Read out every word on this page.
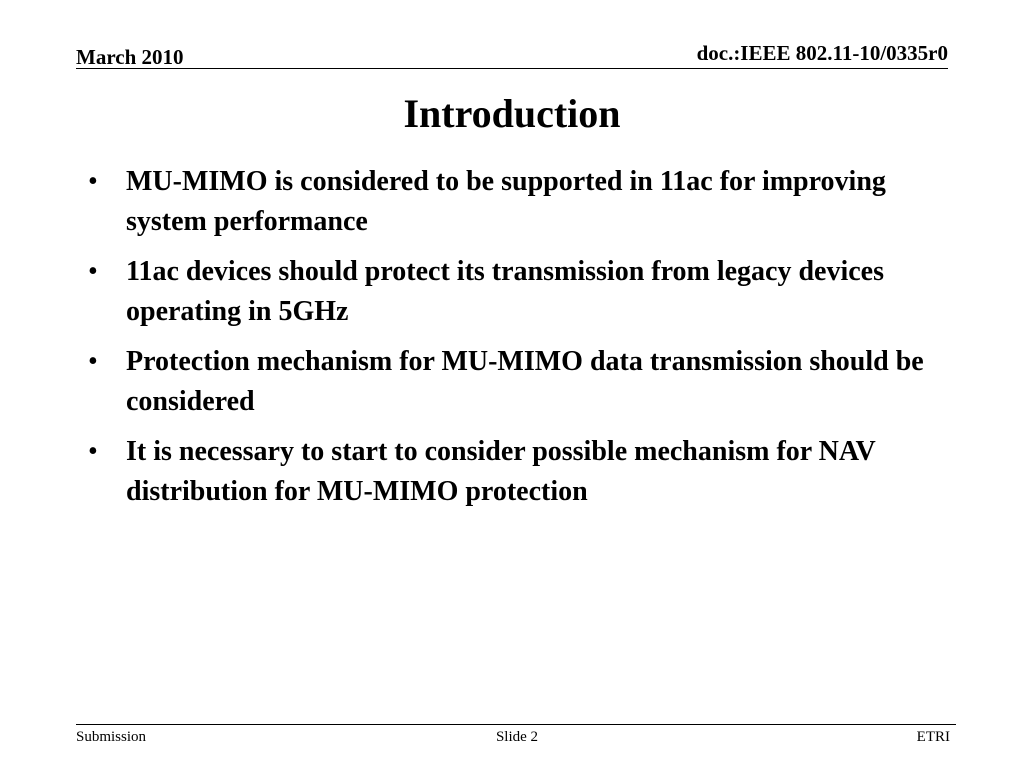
March 2010	doc.:IEEE 802.11-10/0335r0
Introduction
• MU-MIMO is considered to be supported in 11ac for improving system performance
• 11ac devices should protect its transmission from legacy devices operating in 5GHz
• Protection mechanism for MU-MIMO data transmission should be considered
• It is necessary to start to consider possible mechanism for NAV distribution for MU-MIMO protection
Submission	Slide 2	ETRI
